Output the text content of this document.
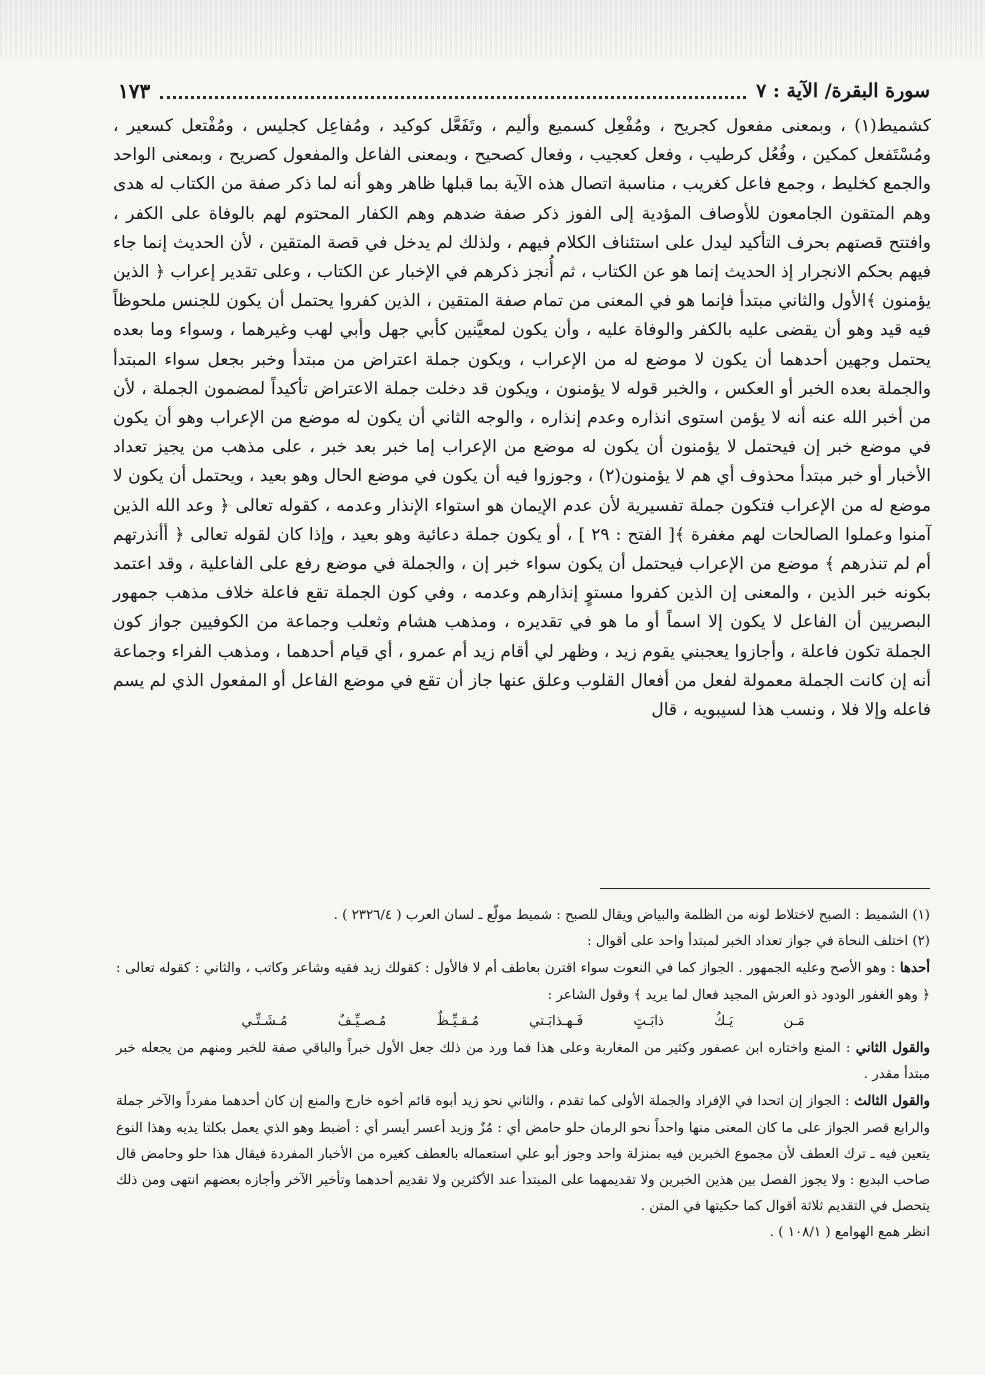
سورة البقرة/ الآية : ٧
١٧٣

كشميط(١) ، وبمعنى مفعول كجريح ، ومُفْعِل كسميع وأليم ، وتَفَعَّل كوكيد ، ومُفاعِل كجليس ، ومُفْتعل كسعير ، ومُسْتَفعل كمكين ، وفُعُل كرطيب ، وفعل كعجيب ، وفعال كصحيح ، وبمعنى الفاعل والمفعول كصريح ، وبمعنى الواحد والجمع كخليط ، وجمع فاعل كغريب ، مناسبة اتصال هذه الآية بما قبلها ظاهر وهو أنه لما ذكر صفة من الكتاب له هدى وهم المتقون الجامعون للأوصاف المؤدية إلى الفوز ذكر صفة ضدهم وهم الكفار المحتوم لهم بالوفاة على الكفر ، وافتتح قصتهم بحرف التأكيد ليدل على استئناف الكلام فيهم ، ولذلك لم يدخل في قصة المتقين ، لأن الحديث إنما جاء فيهم بحكم الانجرار إذ الحديث إنما هو عن الكتاب ، ثم أُنجز ذكرهم في الإخبار عن الكتاب ، وعلى تقدير إعراب ﴿ الذين يؤمنون ﴾الأول والثاني مبتدأ فإنما هو في المعنى من تمام صفة المتقين ، الذين كفروا يحتمل أن يكون للجنس ملحوظاً فيه قيد وهو أن يقضى عليه بالكفر والوفاة عليه ، وأن يكون لمعيَّنين كأبي جهل وأبي لهب وغيرهما ، وسواء وما بعده يحتمل وجهين أحدهما أن يكون لا موضع له من الإعراب ، ويكون جملة اعتراض من مبتدأ وخبر بجعل سواء المبتدأ والجملة بعده الخبر أو العكس ، والخبر قوله لا يؤمنون ، ويكون قد دخلت جملة الاعتراض تأكيداً لمضمون الجملة ، لأن من أخبر الله عنه أنه لا يؤمن استوى انذاره وعدم إنذاره ، والوجه الثاني أن يكون له موضع من الإعراب وهو أن يكون في موضع خبر إن فيحتمل لا يؤمنون أن يكون له موضع من الإعراب إما خبر بعد خبر ، على مذهب من يجيز تعداد الأخبار أو خبر مبتدأ محذوف أي هم لا يؤمنون(٢) ، وجوزوا فيه أن يكون في موضع الحال وهو بعيد ، ويحتمل أن يكون لا موضع له من الإعراب فتكون جملة تفسيرية لأن عدم الإيمان هو استواء الإنذار وعدمه ، كقوله تعالى ﴿ وعد الله الذين آمنوا وعملوا الصالحات لهم مغفرة ﴾[ الفتح : ٢٩ ] ، أو يكون جملة دعائية وهو بعيد ، وإذا كان لقوله تعالى ﴿ أأنذرتهم أم لم تنذرهم ﴾ موضع من الإعراب فيحتمل أن يكون سواء خبر إن ، والجملة في موضع رفع على الفاعلية ، وقد اعتمد بكونه خبر الذين ، والمعنى إن الذين كفروا مستوٍ إنذارهم وعدمه ، وفي كون الجملة تقع فاعلة خلاف مذهب جمهور البصريين أن الفاعل لا يكون إلا اسماً أو ما هو في تقديره ، ومذهب هشام وثعلب وجماعة من الكوفيين جواز كون الجملة تكون فاعلة ، وأجازوا يعجبني يقوم زيد ، وظهر لي أقام زيد أم عمرو ، أي قيام أحدهما ، ومذهب الفراء وجماعة أنه إن كانت الجملة معمولة لفعل من أفعال القلوب وعلق عنها جاز أن تقع في موضع الفاعل أو المفعول الذي لم يسم فاعله وإلا فلا ، ونسب هذا لسيبويه ، قال

(١) الشميط : الصبح لاختلاط لونه من الظلمة والبياض ويقال للصبح : شميط مولّع ـ لسان العرب ( ٢٣٢٦/٤ ) .

(٢) اختلف النحاة في جواز تعداد الخبر لمبتدأ واحد على أقوال :

أحدها : وهو الأصح وعليه الجمهور . الجواز كما في النعوت سواء اقترن بعاطف أم لا فالأول : كقولك زيد فقيه وشاعر وكاتب ، والثاني : كقوله تعالى : ﴿ وهو الغفور الودود ذو العرش المجيد فعال لما يريد ﴾ وقول الشاعر :

مَـن يَـكُ ذابَـتٍ فَـهـذابَـتي مُـقـيِّـظٌ مُـصـيِّـفٌ مُـشَـتِّـي

والقول الثاني : المنع واختاره ابن عصفور وكثير من المغاربة وعلى هذا فما ورد من ذلك جعل الأول خبراً والباقي صفة للخبر ومنهم من يجعله خبر مبتدأ مقدر .

والقول الثالث : الجواز إن اتحدا في الإفراد والجملة الأولى كما تقدم ، والثاني نحو زيد أبوه قائم أخوه خارج والمنع إن كان أحدهما مفرداً والآخر جملة والرابع قصر الجواز على ما كان المعنى منها واحداً نحو الرمان حلو حامض أي : مُزٌ وزيد أعسر أيسر أي : أضبط وهو الذي يعمل بكلتا يديه وهذا النوع يتعين فيه ـ ترك العطف لأن مجموع الخبرين فيه بمنزلة واحد وجوز أبو علي استعماله بالعطف كغيره من الأخبار المفردة فيقال هذا حلو وحامض قال صاحب البديع : ولا يجوز الفصل بين هذين الخبرين ولا تقديمهما على المبتدأ عند الأكثرين ولا تقديم أحدهما وتأخير الآخر وأجازه بعضهم انتهى ومن ذلك يتحصل في التقديم ثلاثة أقوال كما حكيتها في المتن .

انظر همع الهوامع ( ١٠٨/١ ) .
